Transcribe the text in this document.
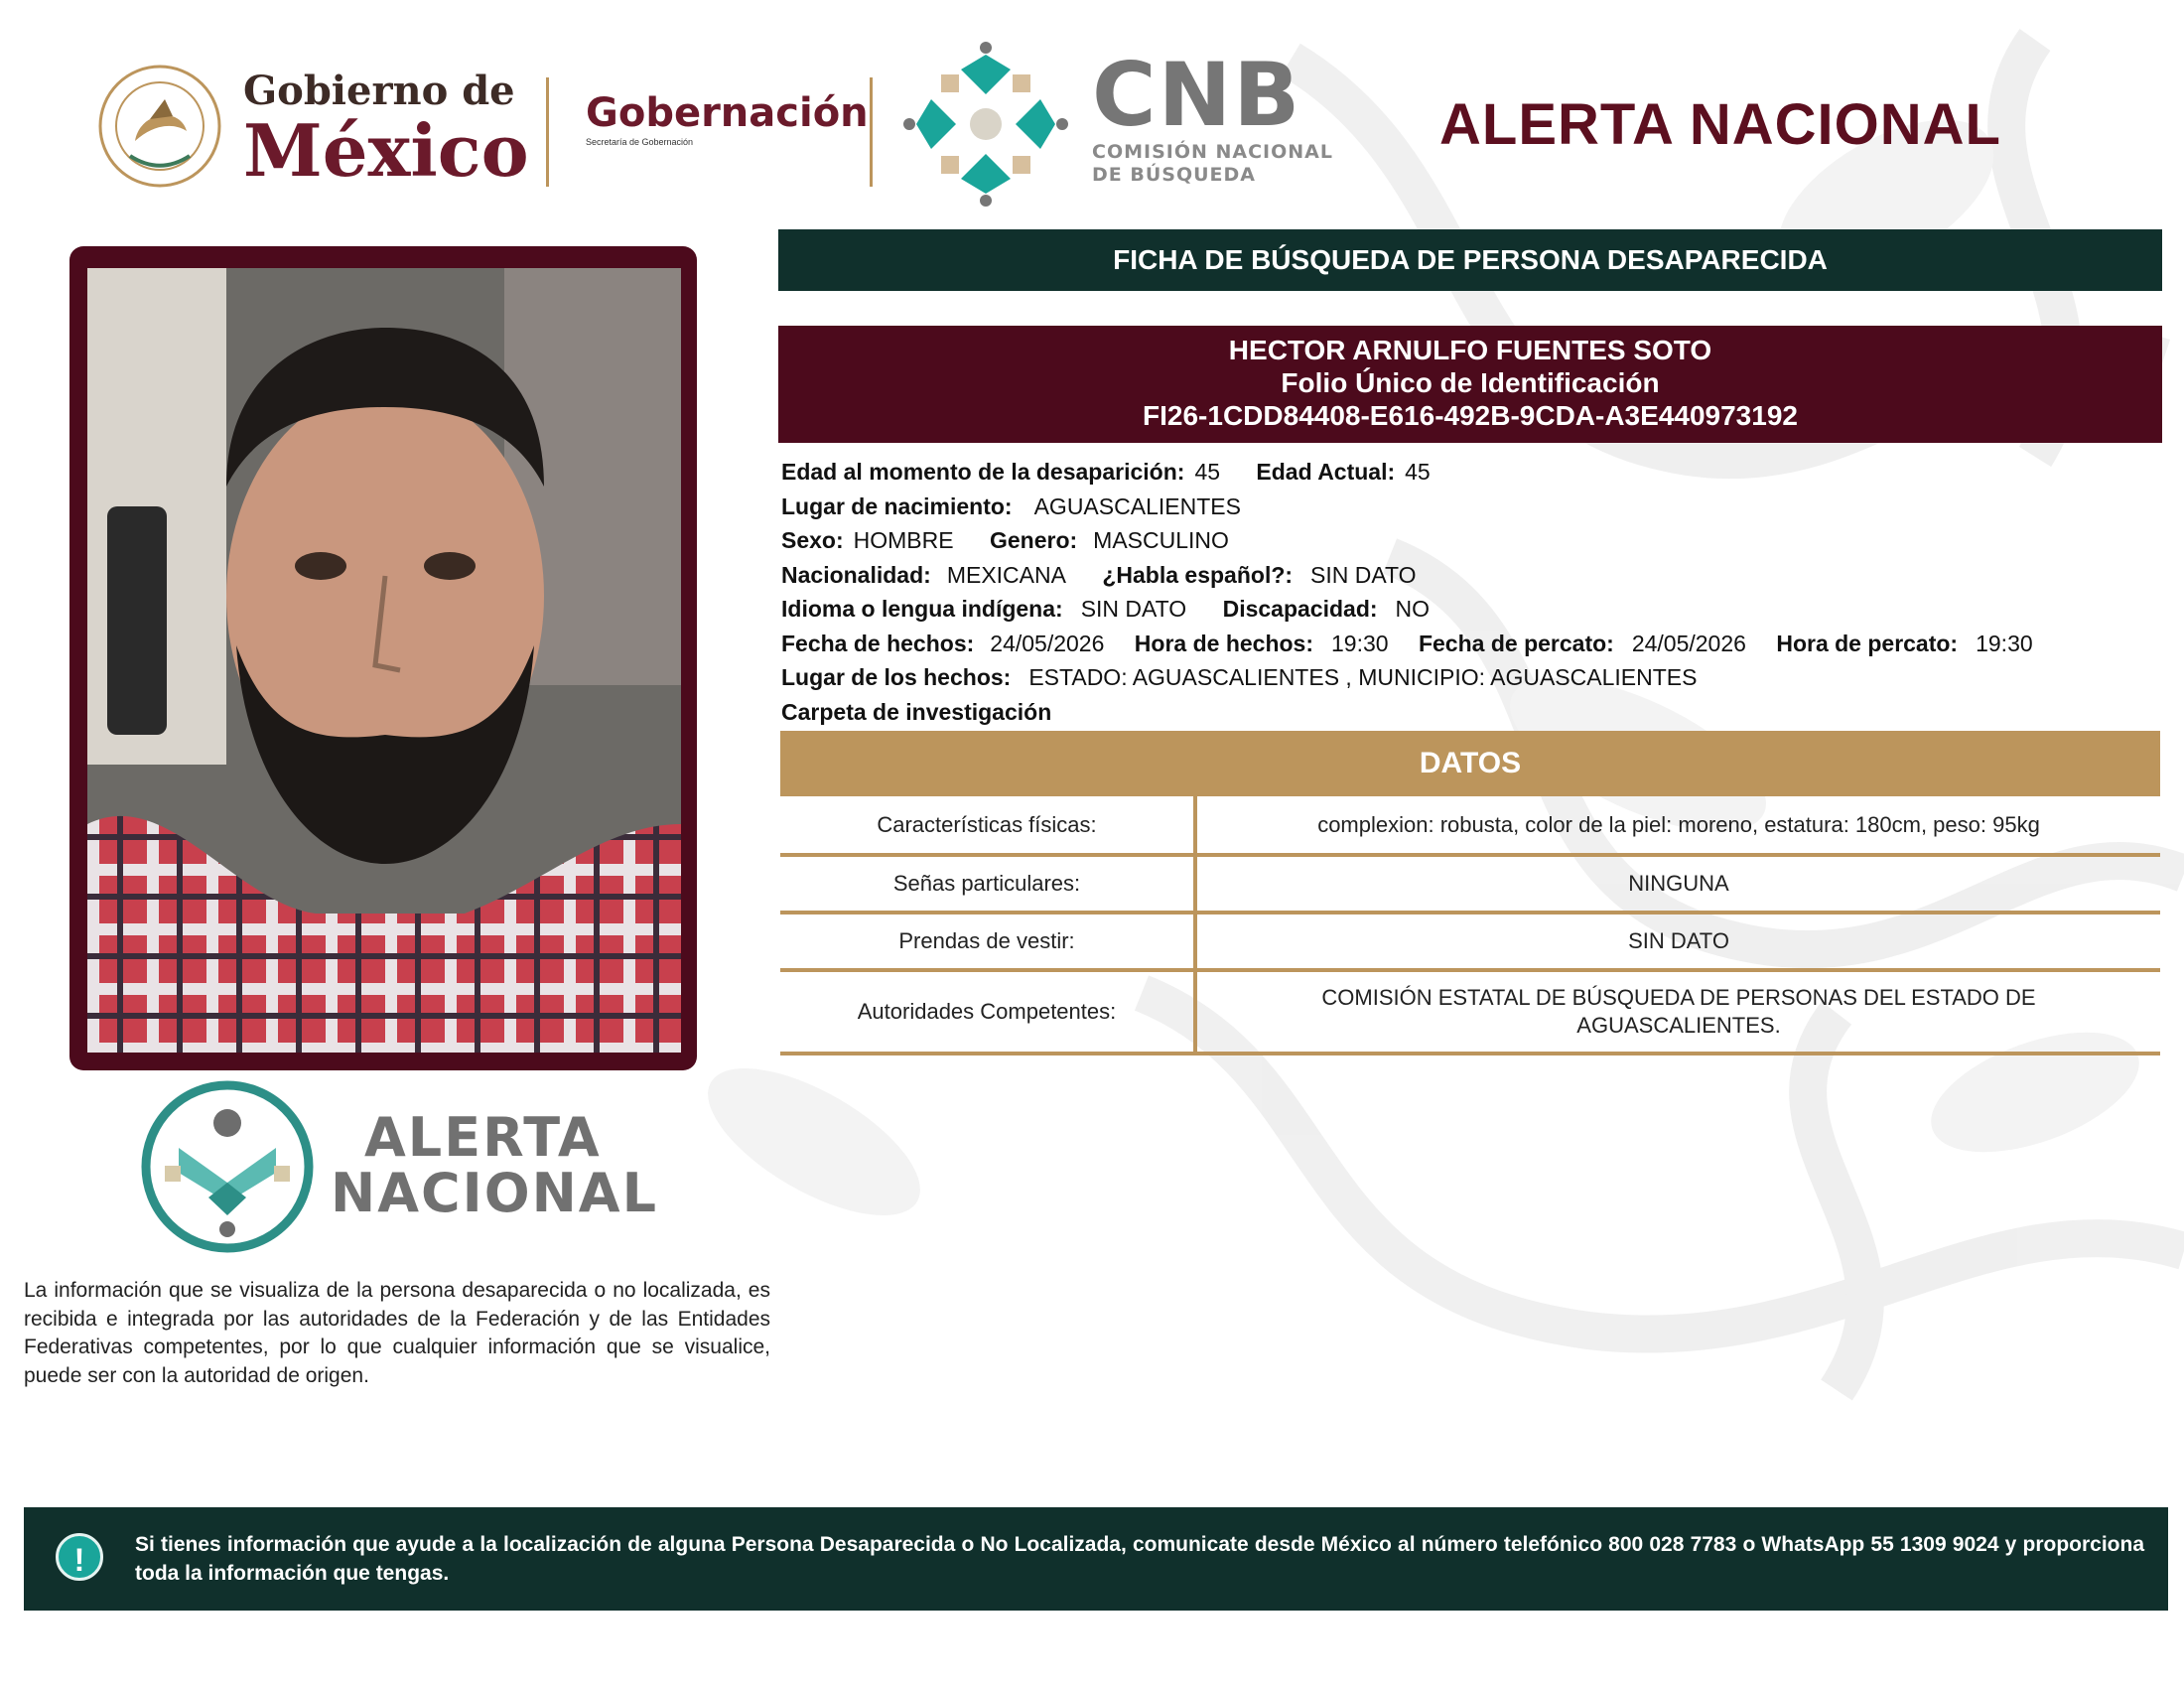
Gobierno de
México Gobernación
Secretaría de Gobernación	CNB
COMISIÓN NACIONAL
DE BÚSQUEDA
ALERTA NACIONAL
FICHA DE BÚSQUEDA DE PERSONA DESAPARECIDA
HECTOR ARNULFO FUENTES SOTO
Folio Único de Identificación
FI26-1CDD84408-E616-492B-9CDA-A3E440973192
Edad al momento de la desaparición: 45 Edad Actual: 45
Lugar de nacimiento: AGUASCALIENTES
Sexo: HOMBRE Genero: MASCULINO
Nacionalidad: MEXICANA ¿Habla español?: SIN DATO
Idioma o lengua indígena: SIN DATO Discapacidad: NO
Fecha de hechos: 24/05/2026 Hora de hechos: 19:30 Fecha de percato: 24/05/2026 Hora de percato: 19:30
Lugar de los hechos: ESTADO: AGUASCALIENTES , MUNICIPIO: AGUASCALIENTES
Carpeta de investigación
DATOS
Características físicas:	complexion: robusta, color de la piel: moreno, estatura: 180cm, peso: 95kg
Señas particulares:	NINGUNA
Prendas de vestir:	SIN DATO
Autoridades Competentes:
COMISIÓN ESTATAL DE BÚSQUEDA DE PERSONAS DEL ESTADO DE AGUASCALIENTES.
ALERTA
NACIONAL
La información que se visualiza de la persona desaparecida o no localizada, es recibida e integrada por las autoridades de la Federación y de las Entidades Federativas competentes, por lo que cualquier información que se visualice, puede ser con la autoridad de origen.
!	Si tienes información que ayude a la localización de alguna Persona Desaparecida o No Localizada, comunicate desde México al número telefónico 800 028 7783 o WhatsApp 55 1309 9024 y proporciona toda la información que tengas.
